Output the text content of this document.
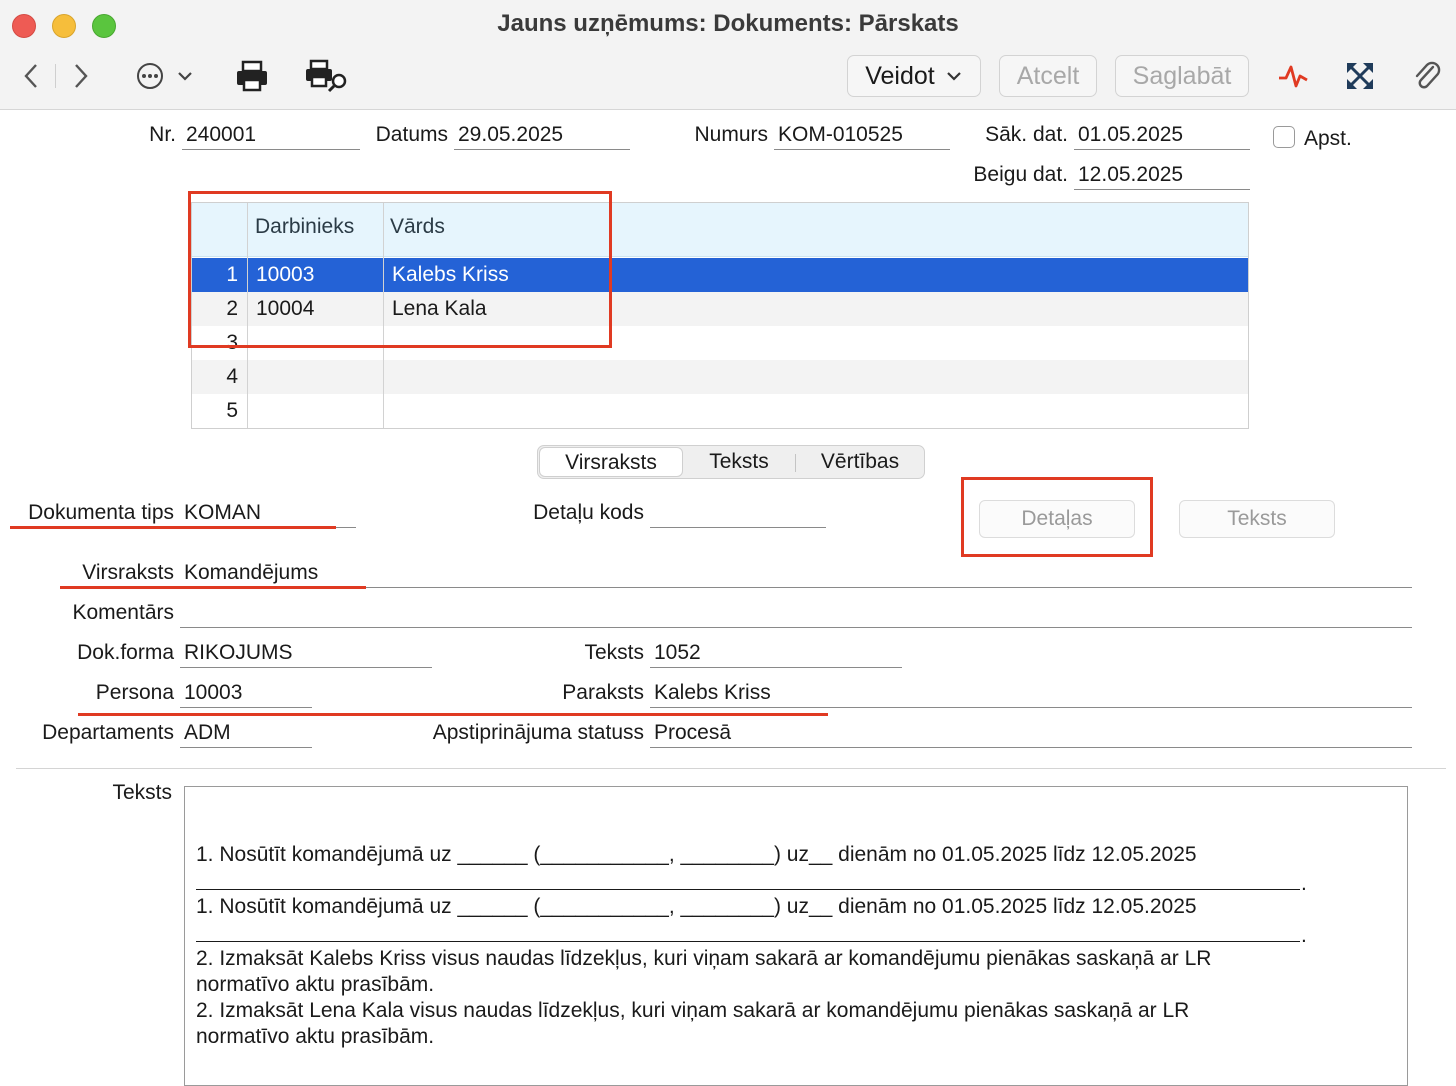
Jauns uzņēmums: Dokuments: Pārskats
Veidot	Atcelt	Saglabāt
Nr. 240001	Datums 29.05.2025	Numurs KOM-010525	Sāk. dat. 01.05.2025	Apst.
Beigu dat. 12.05.2025
Darbinieks Vārds
1 10003	Kalebs Kriss
2 10004	Lena Kala
3
4
5
Virsraksts	Teksts	Vērtības
Dokumenta tips KOMAN	Detaļu kods	Detaļas	Teksts
Virsraksts Komandējums
Komentārs
Dok.forma RIKOJUMS	Teksts 1052
Persona 10003	Paraksts Kalebs Kriss
Departaments ADM	Apstiprinājuma statuss Procesā
Teksts
1. Nosūtīt komandējumā uz ______ (___________, ________) uz__ dienām no 01.05.2025 līdz 12.05.2025
.
1. Nosūtīt komandējumā uz ______ (___________, ________) uz__ dienām no 01.05.2025 līdz 12.05.2025
.
2. Izmaksāt Kalebs Kriss visus naudas līdzekļus, kuri viņam sakarā ar komandējumu pienākas saskaņā ar LR
normatīvo aktu prasībām.
2. Izmaksāt Lena Kala visus naudas līdzekļus, kuri viņam sakarā ar komandējumu pienākas saskaņā ar LR
normatīvo aktu prasībām.
